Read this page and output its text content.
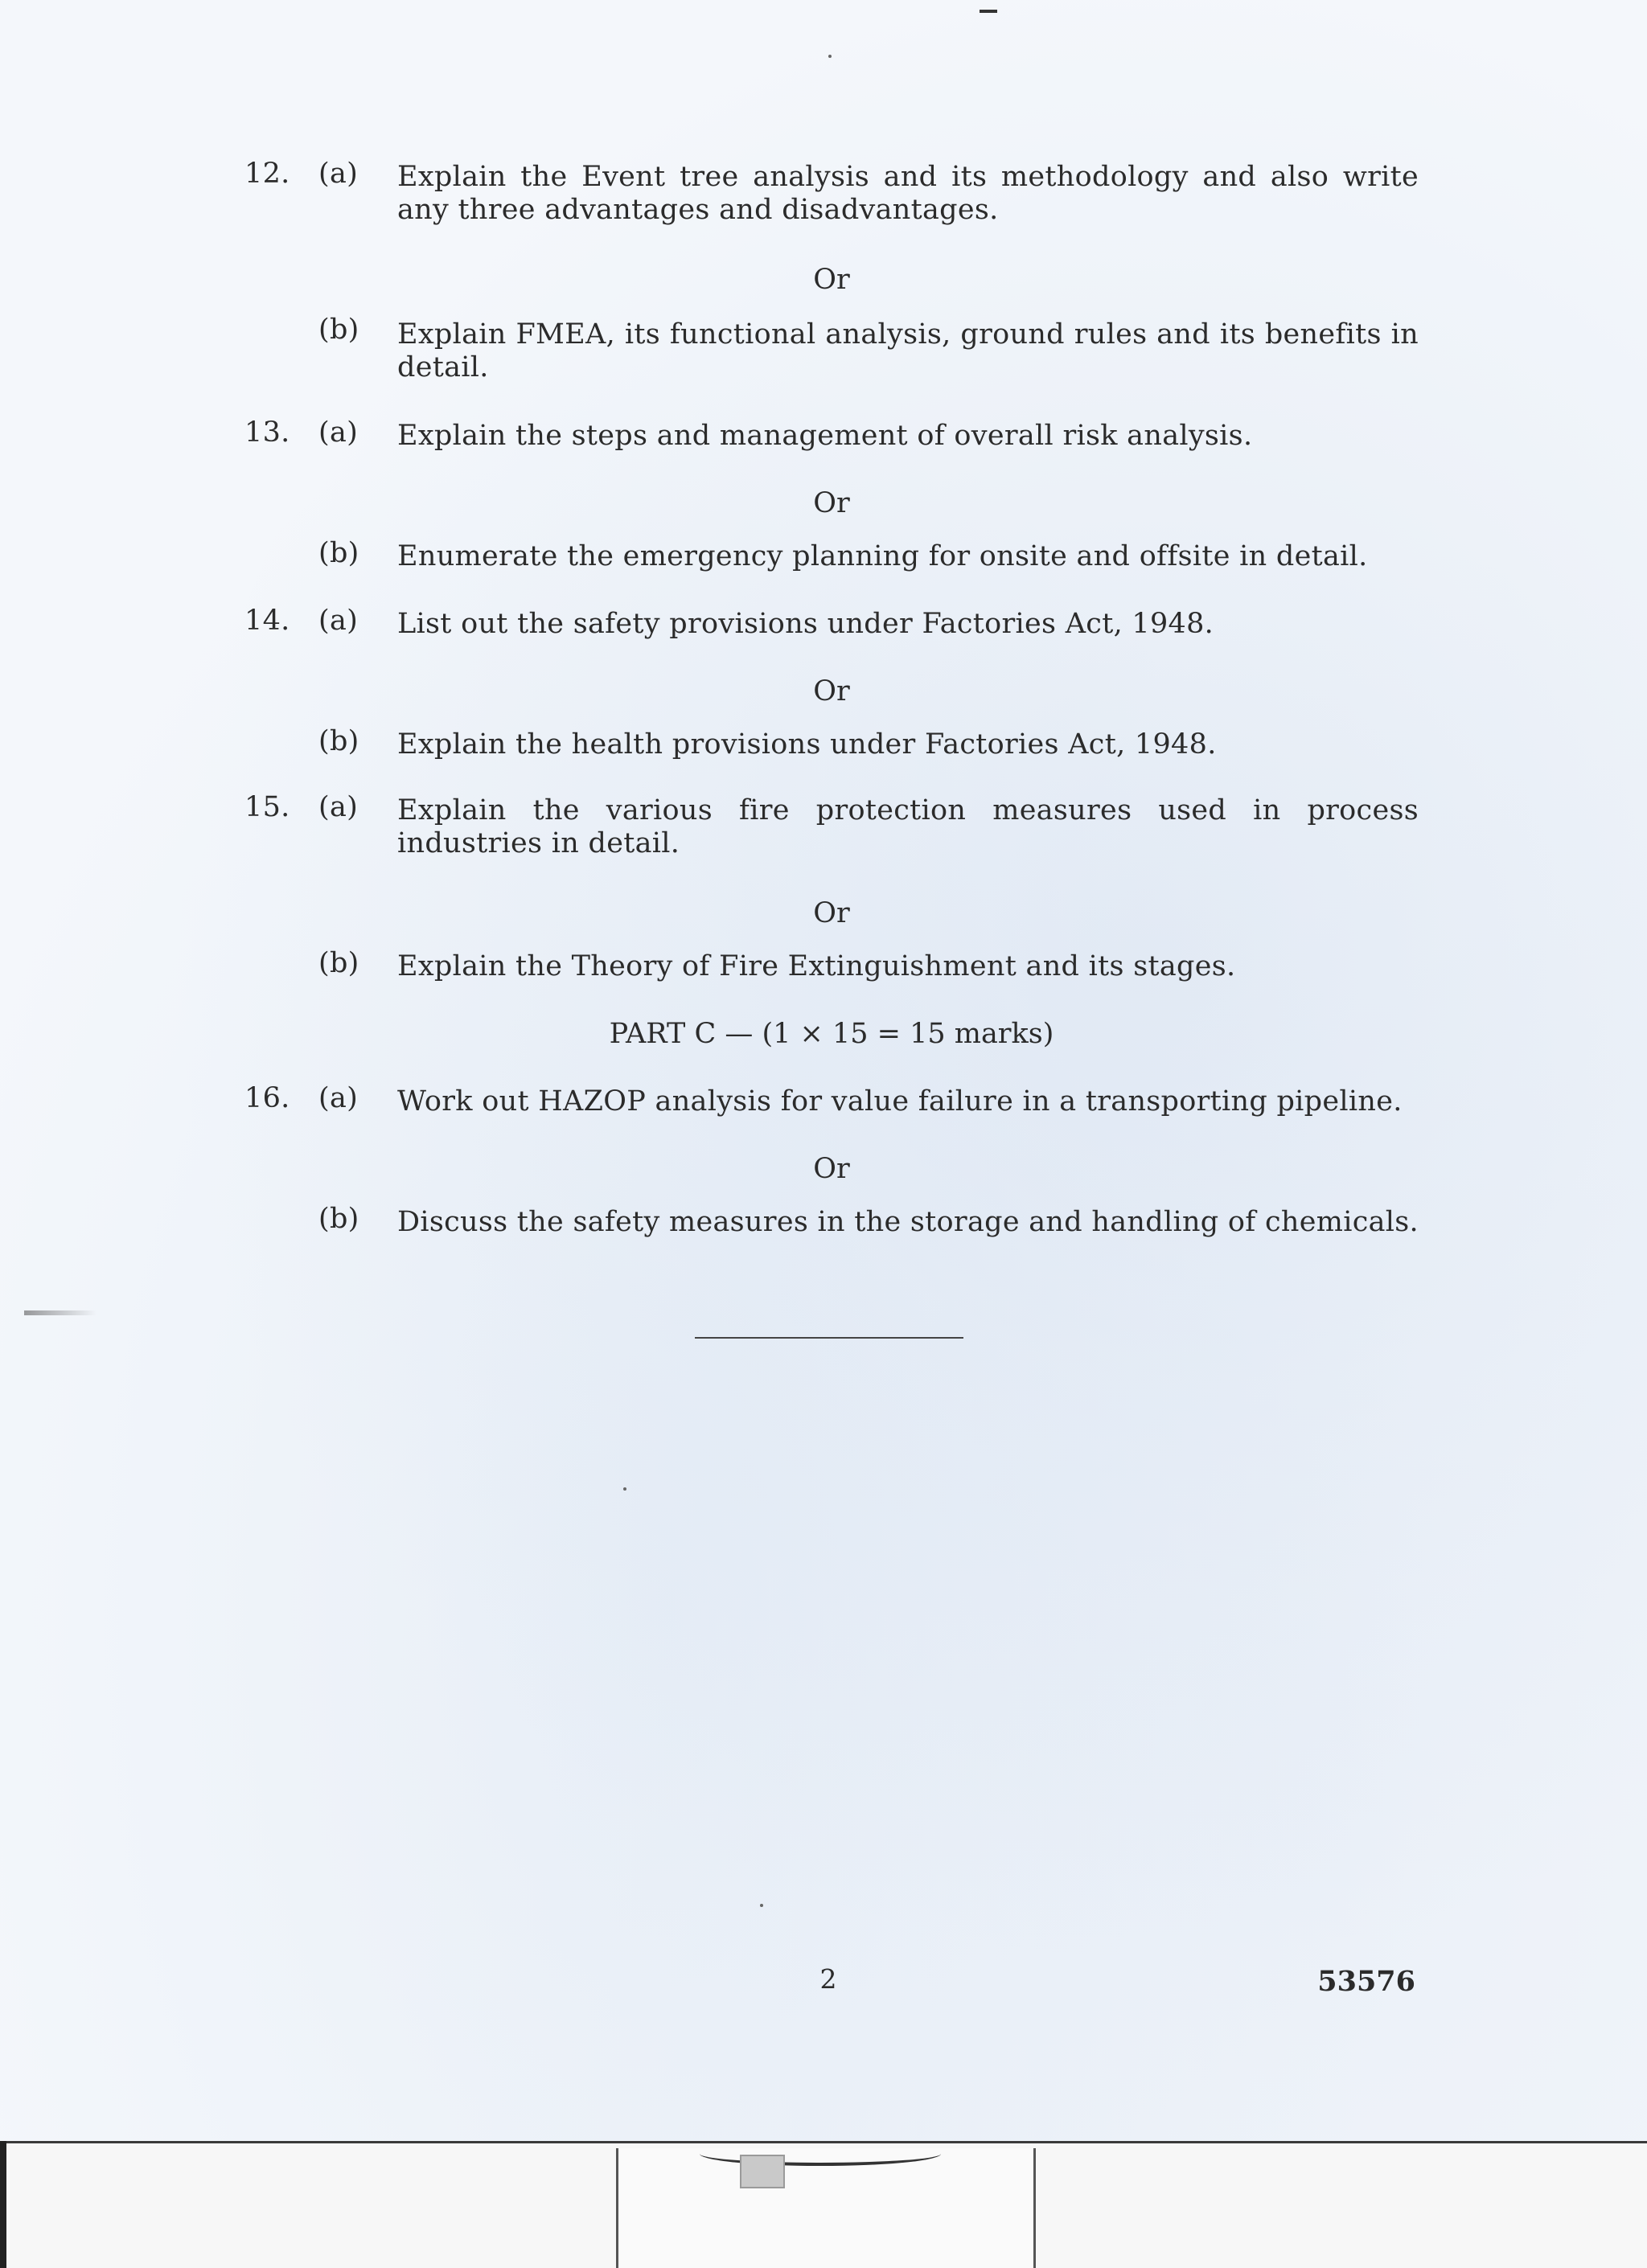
12. (a) Explain the Event tree analysis and its methodology and also write any three advantages and disadvantages.
Or
(b) Explain FMEA, its functional analysis, ground rules and its benefits in detail.
13. (a) Explain the steps and management of overall risk analysis.
Or
(b) Enumerate the emergency planning for onsite and offsite in detail.
14. (a) List out the safety provisions under Factories Act, 1948.
Or
(b) Explain the health provisions under Factories Act, 1948.
15. (a) Explain the various fire protection measures used in process industries in detail.
Or
(b) Explain the Theory of Fire Extinguishment and its stages.
PART C — (1 × 15 = 15 marks)
16. (a) Work out HAZOP analysis for value failure in a transporting pipeline.
Or
(b) Discuss the safety measures in the storage and handling of chemicals.
2	53576
